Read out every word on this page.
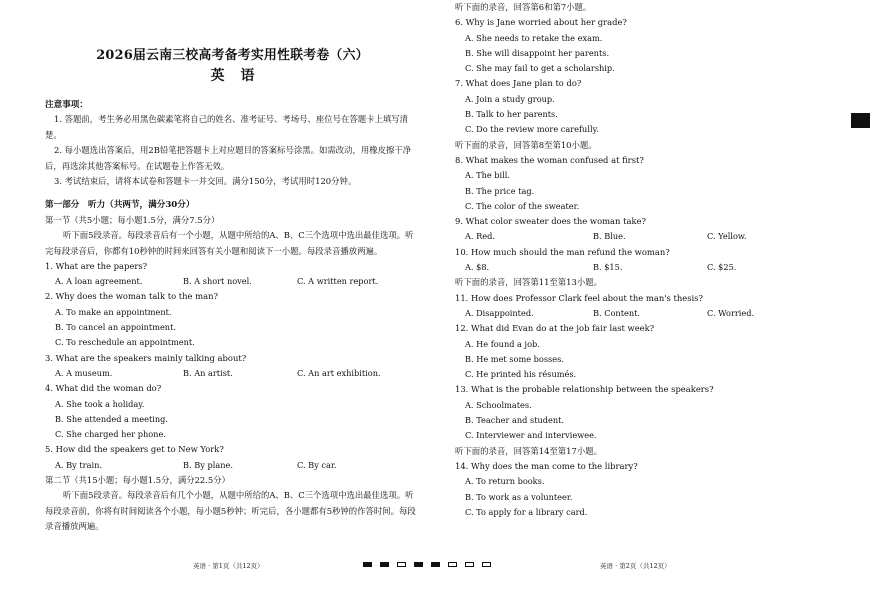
2026届云南三校高考备考实用性联考卷（六）
英语
注意事项：
1. 答题前，考生务必用黑色碳素笔将自己的姓名、准考证号、考场号、座位号在答题卡上填写清楚。
2. 每小题选出答案后，用2B铅笔把答题卡上对应题目的答案标号涂黑。如需改动，用橡皮擦干净后，再选涂其他答案标号。在试题卷上作答无效。
3. 考试结束后，请将本试卷和答题卡一并交回。满分150分，考试用时120分钟。
第一部分　听力（共两节，满分30分）
第一节（共5小题；每小题1.5分，满分7.5分）
听下面5段录音。每段录音后有一个小题，从题中所给的A、B、C三个选项中选出最佳选项。听完每段录音后，你都有10秒钟的时间来回答有关小题和阅读下一小题。每段录音播放两遍。
1. What are the papers?
A. A loan agreement.	B. A short novel.	C. A written report.
2. Why does the woman talk to the man?
A. To make an appointment.
B. To cancel an appointment.
C. To reschedule an appointment.
3. What are the speakers mainly talking about?
A. A museum.	B. An artist.	C. An art exhibition.
4. What did the woman do?
A. She took a holiday.
B. She attended a meeting.
C. She charged her phone.
5. How did the speakers get to New York?
A. By train.	B. By plane.	C. By car.
第二节（共15小题；每小题1.5分，满分22.5分）
听下面5段录音。每段录音后有几个小题，从题中所给的A、B、C三个选项中选出最佳选项。听每段录音前，你将有时间阅读各个小题，每小题5秒钟；听完后，各小题都有5秒钟的作答时间。每段录音播放两遍。
听下面的录音，回答第6和第7小题。
6. Why is Jane worried about her grade?
A. She needs to retake the exam.
B. She will disappoint her parents.
C. She may fail to get a scholarship.
7. What does Jane plan to do?
A. Join a study group.
B. Talk to her parents.
C. Do the review more carefully.
听下面的录音，回答第8至第10小题。
8. What makes the woman confused at first?
A. The bill.
B. The price tag.
C. The color of the sweater.
9. What color sweater does the woman take?
A. Red.	B. Blue.	C. Yellow.
10. How much should the man refund the woman?
A. $8.	B. $15.	C. $25.
听下面的录音，回答第11至第13小题。
11. How does Professor Clark feel about the man's thesis?
A. Disappointed.	B. Content.	C. Worried.
12. What did Evan do at the job fair last week?
A. He found a job.
B. He met some bosses.
C. He printed his résumés.
13. What is the probable relationship between the speakers?
A. Schoolmates.
B. Teacher and student.
C. Interviewer and interviewee.
听下面的录音，回答第14至第17小题。
14. Why does the man come to the library?
A. To return books.
B. To work as a volunteer.
C. To apply for a library card.
英语 · 第1页（共12页）	英语 · 第2页（共12页）
